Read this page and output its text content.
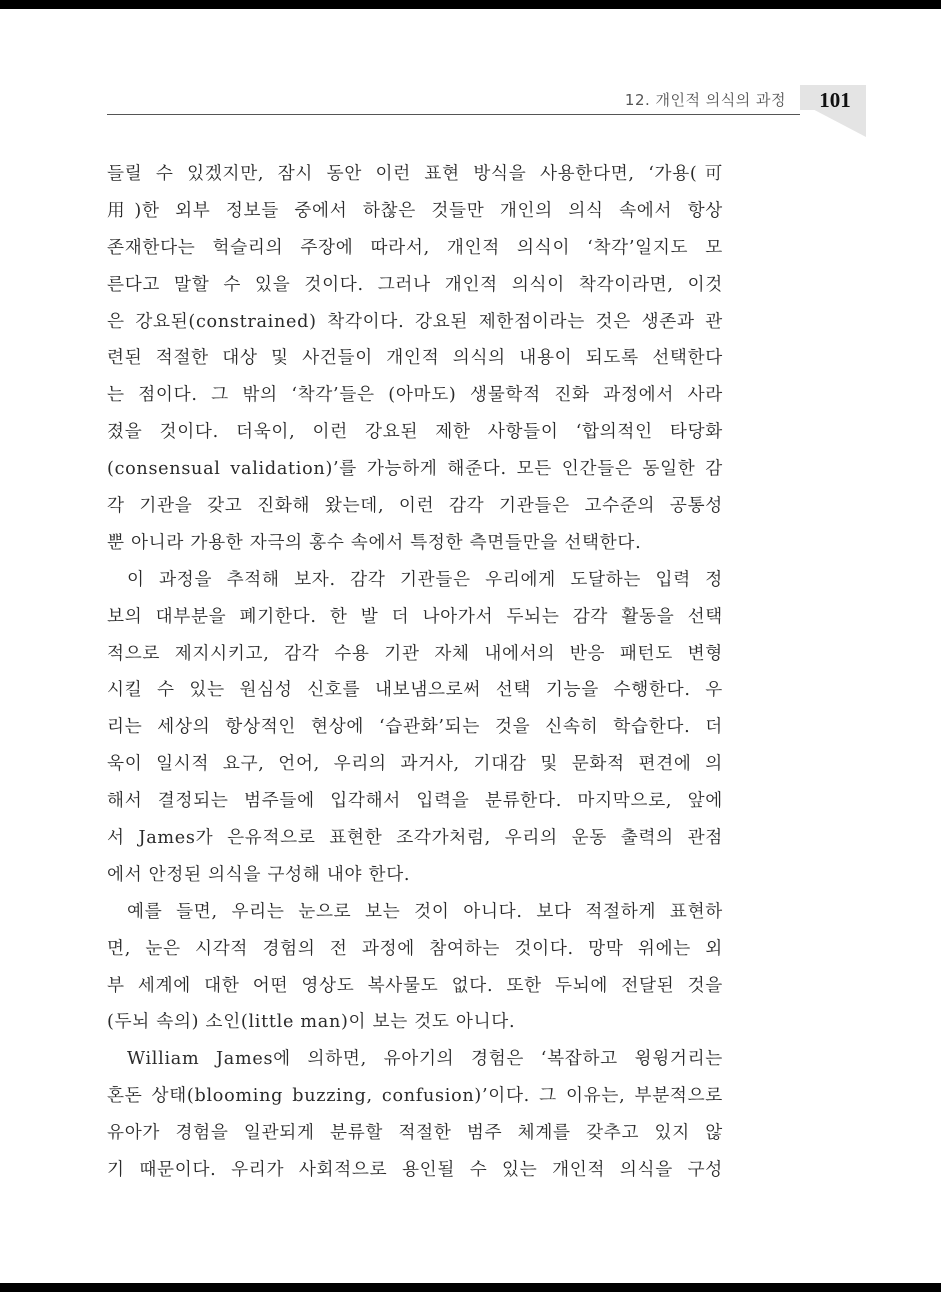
12. 개인적 의식의 과정	101
들릴 수 있겠지만, 잠시 동안 이런 표현 방식을 사용한다면, ‘가용(可
用)한 외부 정보들 중에서 하찮은 것들만 개인의 의식 속에서 항상
존재한다는 헉슬리의 주장에 따라서, 개인적 의식이 ‘착각’일지도 모
른다고 말할 수 있을 것이다. 그러나 개인적 의식이 착각이라면, 이것
은 강요된(constrained) 착각이다. 강요된 제한점이라는 것은 생존과 관
련된 적절한 대상 및 사건들이 개인적 의식의 내용이 되도록 선택한다
는 점이다. 그 밖의 ‘착각’들은 (아마도) 생물학적 진화 과정에서 사라
졌을 것이다. 더욱이, 이런 강요된 제한 사항들이 ‘합의적인 타당화
(consensual validation)’를 가능하게 해준다. 모든 인간들은 동일한 감
각 기관을 갖고 진화해 왔는데, 이런 감각 기관들은 고수준의 공통성
뿐 아니라 가용한 자극의 홍수 속에서 특정한 측면들만을 선택한다.
이 과정을 추적해 보자. 감각 기관들은 우리에게 도달하는 입력 정
보의 대부분을 폐기한다. 한 발 더 나아가서 두뇌는 감각 활동을 선택
적으로 제지시키고, 감각 수용 기관 자체 내에서의 반응 패턴도 변형
시킬 수 있는 원심성 신호를 내보냄으로써 선택 기능을 수행한다. 우
리는 세상의 항상적인 현상에 ‘습관화’되는 것을 신속히 학습한다. 더
욱이 일시적 요구, 언어, 우리의 과거사, 기대감 및 문화적 편견에 의
해서 결정되는 범주들에 입각해서 입력을 분류한다. 마지막으로, 앞에
서 James가 은유적으로 표현한 조각가처럼, 우리의 운동 출력의 관점
에서 안정된 의식을 구성해 내야 한다.
예를 들면, 우리는 눈으로 보는 것이 아니다. 보다 적절하게 표현하
면, 눈은 시각적 경험의 전 과정에 참여하는 것이다. 망막 위에는 외
부 세계에 대한 어떤 영상도 복사물도 없다. 또한 두뇌에 전달된 것을
(두뇌 속의) 소인(little man)이 보는 것도 아니다.
William James에 의하면, 유아기의 경험은 ‘복잡하고 윙윙거리는
혼돈 상태(blooming buzzing, confusion)’이다. 그 이유는, 부분적으로
유아가 경험을 일관되게 분류할 적절한 범주 체계를 갖추고 있지 않
기 때문이다. 우리가 사회적으로 용인될 수 있는 개인적 의식을 구성
